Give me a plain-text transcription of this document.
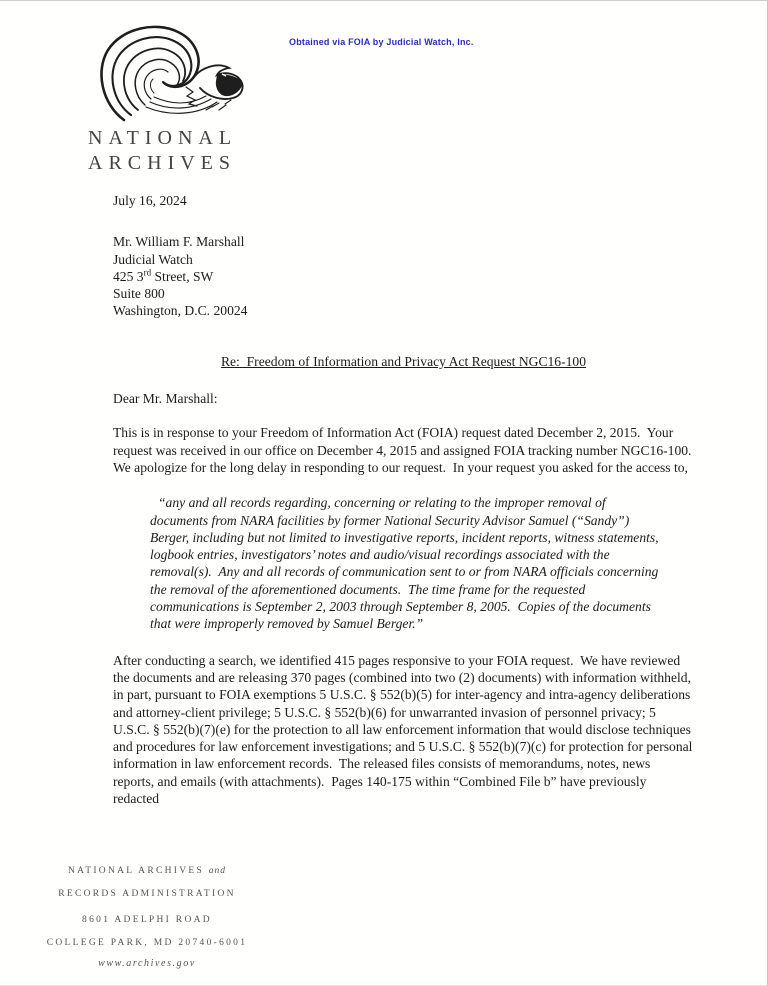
Obtained via FOIA by Judicial Watch, Inc.
NATIONAL
ARCHIVES
July 16, 2024
Mr. William F. Marshall
Judicial Watch
425 3rd Street, SW
Suite 800
Washington, D.C. 20024
Re:  Freedom of Information and Privacy Act Request NGC16-100
Dear Mr. Marshall:

This is in response to your Freedom of Information Act (FOIA) request dated December 2, 2015.  Your request was received in our office on December 4, 2015 and assigned FOIA tracking number NGC16-100.  We apologize for the long delay in responding to our request.  In your request you asked for the access to,

“any and all records regarding, concerning or relating to the improper removal of documents from NARA facilities by former National Security Advisor Samuel (“Sandy”) Berger, including but not limited to investigative reports, incident reports, witness statements, logbook entries, investigators’ notes and audio/visual recordings associated with the removal(s).  Any and all records of communication sent to or from NARA officials concerning the removal of the aforementioned documents.  The time frame for the requested communications is September 2, 2003 through September 8, 2005.  Copies of the documents that were improperly removed by Samuel Berger.”

After conducting a search, we identified 415 pages responsive to your FOIA request.  We have reviewed the documents and are releasing 370 pages (combined into two (2) documents) with information withheld, in part, pursuant to FOIA exemptions 5 U.S.C. § 552(b)(5) for inter-agency and intra-agency deliberations and attorney-client privilege; 5 U.S.C. § 552(b)(6) for unwarranted invasion of personnel privacy; 5 U.S.C. § 552(b)(7)(e) for the protection to all law enforcement information that would disclose techniques and procedures for law enforcement investigations; and 5 U.S.C. § 552(b)(7)(c) for protection for personal information in law enforcement records.  The released files consists of memorandums, notes, news reports, and emails (with attachments).  Pages 140-175 within “Combined File b” have previously redacted

NATIONAL ARCHIVES and
RECORDS ADMINISTRATION
8601 ADELPHI ROAD
COLLEGE PARK, MD 20740-6001
www.archives.gov
